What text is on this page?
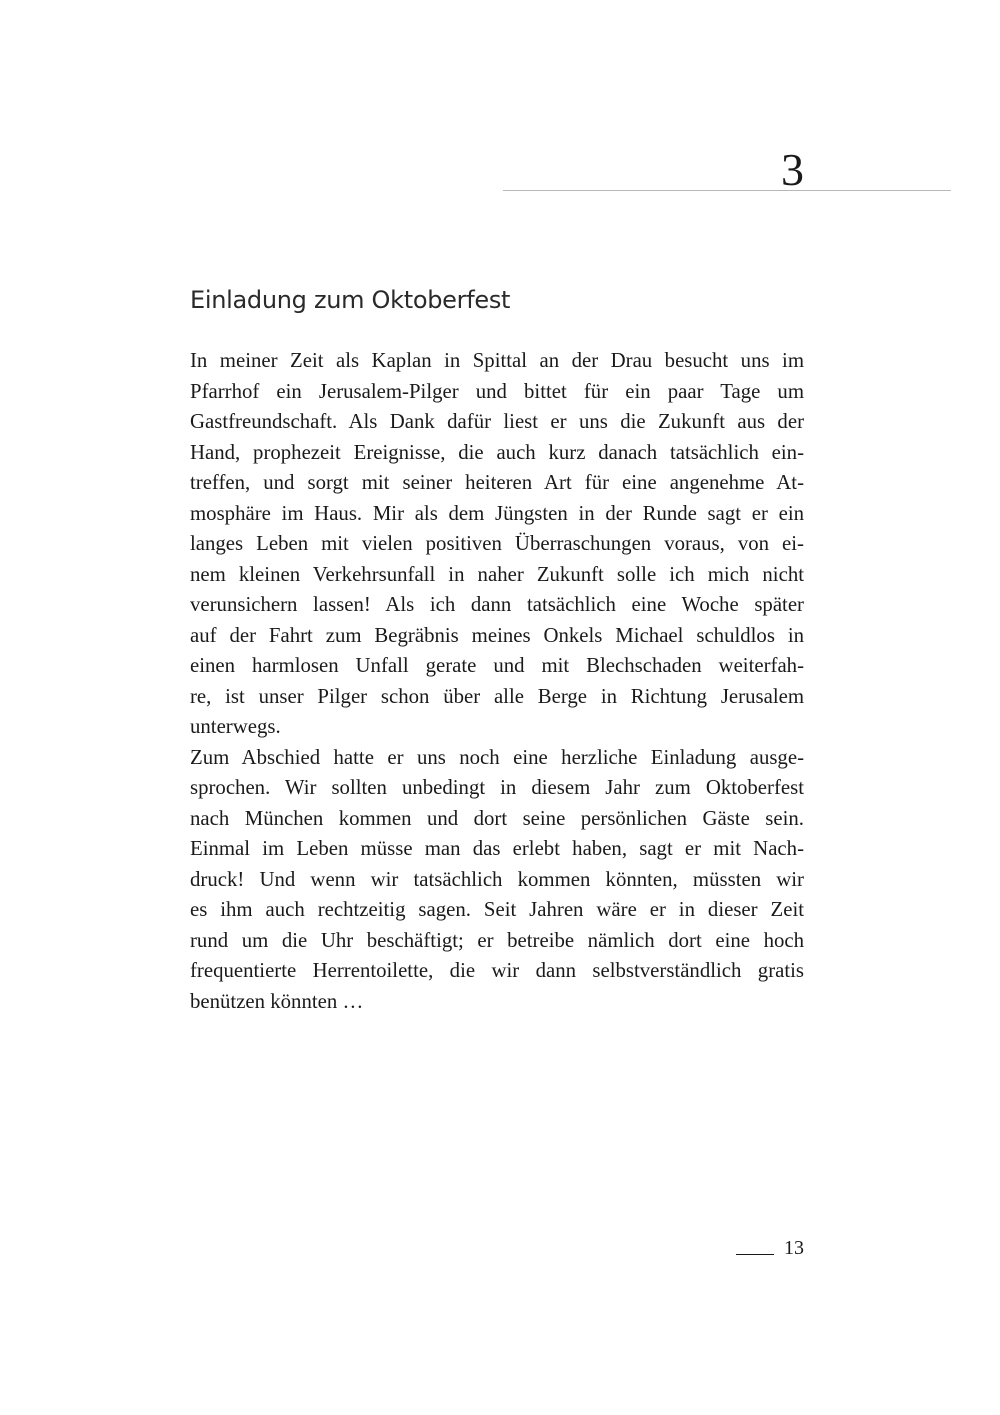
3
Einladung zum Oktoberfest
In meiner Zeit als Kaplan in Spittal an der Drau besucht uns im
Pfarrhof ein Jerusalem-Pilger und bittet für ein paar Tage um
Gastfreundschaft. Als Dank dafür liest er uns die Zukunft aus der
Hand, prophezeit Ereignisse, die auch kurz danach tatsächlich ein-
treffen, und sorgt mit seiner heiteren Art für eine angenehme At-
mosphäre im Haus. Mir als dem Jüngsten in der Runde sagt er ein
langes Leben mit vielen positiven Überraschungen voraus, von ei-
nem kleinen Verkehrsunfall in naher Zukunft solle ich mich nicht
verunsichern lassen! Als ich dann tatsächlich eine Woche später
auf der Fahrt zum Begräbnis meines Onkels Michael schuldlos in
einen harmlosen Unfall gerate und mit Blechschaden weiterfah-
re, ist unser Pilger schon über alle Berge in Richtung Jerusalem
unterwegs.
Zum Abschied hatte er uns noch eine herzliche Einladung ausge-
sprochen. Wir sollten unbedingt in diesem Jahr zum Oktoberfest
nach München kommen und dort seine persönlichen Gäste sein.
Einmal im Leben müsse man das erlebt haben, sagt er mit Nach-
druck! Und wenn wir tatsächlich kommen könnten, müssten wir
es ihm auch rechtzeitig sagen. Seit Jahren wäre er in dieser Zeit
rund um die Uhr beschäftigt; er betreibe nämlich dort eine hoch
frequentierte Herrentoilette, die wir dann selbstverständlich gratis
benützen könnten …
13
